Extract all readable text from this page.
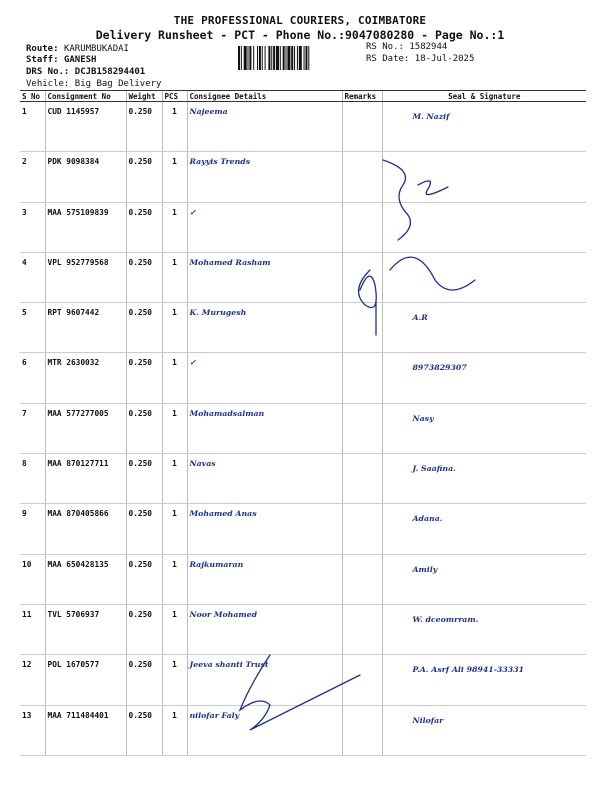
THE PROFESSIONAL COURIERS, COIMBATORE
Delivery Runsheet - PCT - Phone No.:9047080280 - Page No.:1
Route: KARUMBUKADAI
Staff: GANESH
DRS No.: DCJB158294401
Vehicle: Big Bag Delivery
RS No.: 1582944
RS Date: 18-Jul-2025
S No	Consignment No	Weight	PCS	Consignee Details	Remarks	Seal & Signature
1	CUD 1145957	0.250	1	Najeema		M. Nazif
2	PDK 9098384	0.250	1	Rayyis Trends		
3	MAA 575109839	0.250	1	✓		
4	VPL 952779568	0.250	1	Mohamed Rasham		
5	RPT 9607442	0.250	1	K. Murugesh		A.R
6	MTR 2630032	0.250	1	✓		8973829307
7	MAA 577277005	0.250	1	Mohamadsalman		Nasy
8	MAA 870127711	0.250	1	Navas		J. Saafina.
9	MAA 870405866	0.250	1	Mohamed Anas		Adana.
10	MAA 650428135	0.250	1	Rajkumaran		Amily
11	TVL 5706937	0.250	1	Noor Mohamed		W. dceomrram.
12	POL 1670577	0.250	1	Jeeva shanti Trust		P.A. Asrf Ali 98941-33331
13	MAA 711484401	0.250	1	nilofar Faly		Nilofar
